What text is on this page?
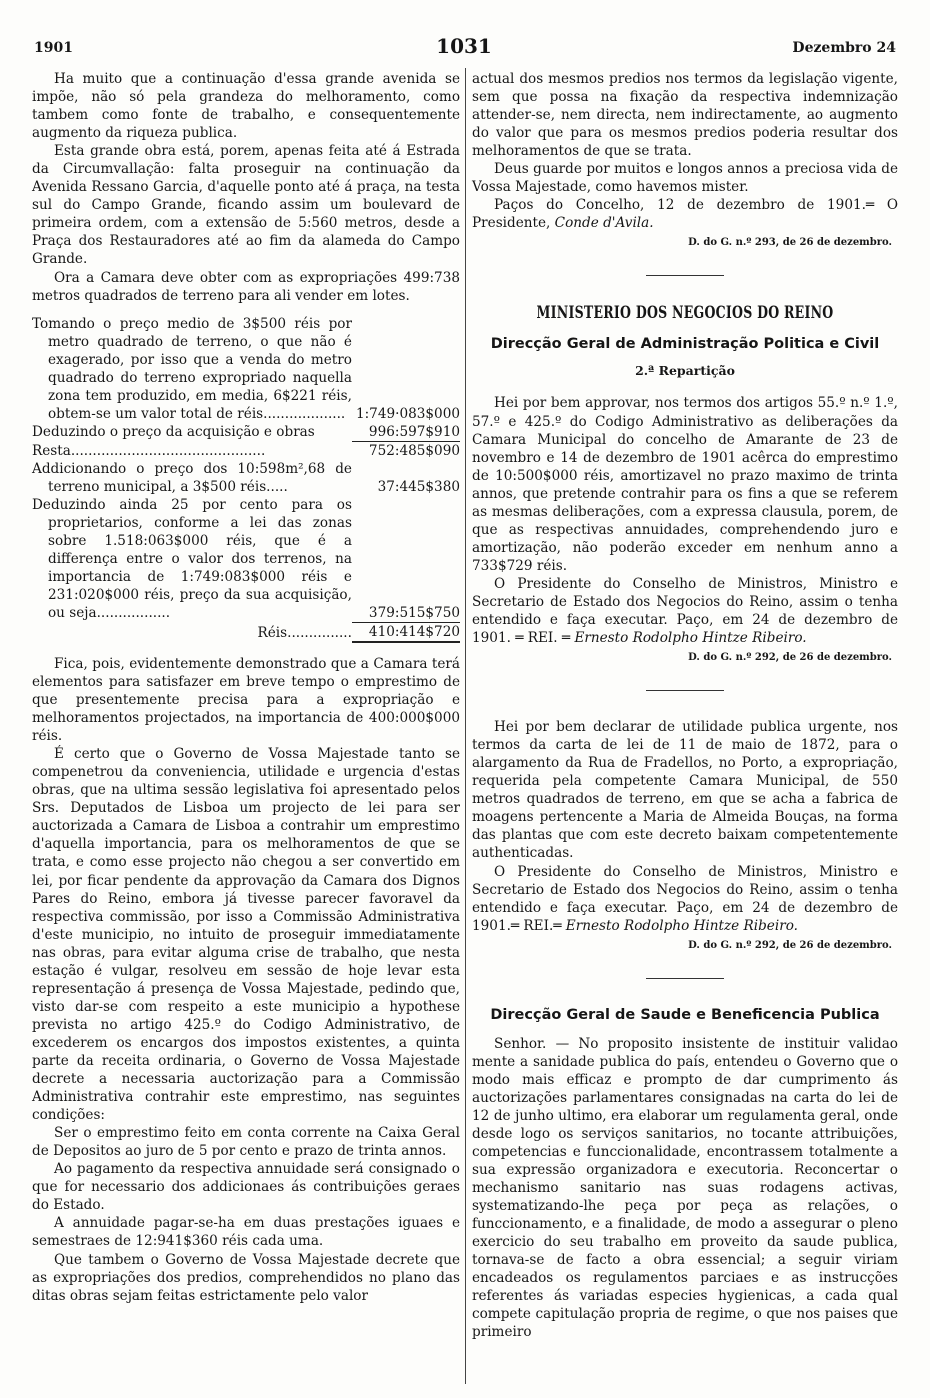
1901	1031	Dezembro 24

Ha muito que a continuação d'essa grande avenida se impõe, não só pela grandeza do melhoramento, como tambem como fonte de trabalho, e consequentemente augmento da riqueza publica.

Esta grande obra está, porem, apenas feita até á Estrada da Circumvallação: falta proseguir na continuação da Avenida Ressano Garcia, d'aquelle ponto até á praça, na testa sul do Campo Grande, ficando assim um boulevard de primeira ordem, com a extensão de 5:560 metros, desde a Praça dos Restauradores até ao fim da alameda do Campo Grande.

Ora a Camara deve obter com as expropriações 499:738 metros quadrados de terreno para ali vender em lotes.

Tomando o preço medio de 3$500 réis por metro quadrado de terreno, o que não é exagerado, por isso que a venda do metro quadrado do terreno expropriado naquella zona tem produzido, em media, 6$221 réis, obtem-se um valor total de réis...................	1:749·083$000
Deduzindo o preço da acquisição e obras	996:597$910
Resta.............................................	752:485$090
Addicionando o preço dos 10:598m²,68 de terreno municipal, a 3$500 réis.....	37:445$380
Deduzindo ainda 25 por cento para os proprietarios, conforme a lei das zonas sobre 1.518:063$000 réis, que é a differença entre o valor dos terrenos, na importancia de 1:749:083$000 réis e 231:020$000 réis, preço da sua acquisição, ou seja.................	379:515$750
Réis...............	410:414$720

Fica, pois, evidentemente demonstrado que a Camara terá elementos para satisfazer em breve tempo o emprestimo de que presentemente precisa para a expropriação e melhoramentos projectados, na importancia de 400:000$000 réis.

É certo que o Governo de Vossa Majestade tanto se compenetrou da conveniencia, utilidade e urgencia d'estas obras, que na ultima sessão legislativa foi apresentado pelos Srs. Deputados de Lisboa um projecto de lei para ser auctorizada a Camara de Lisboa a contrahir um emprestimo d'aquella importancia, para os melhoramentos de que se trata, e como esse projecto não chegou a ser convertido em lei, por ficar pendente da approvação da Camara dos Dignos Pares do Reino, embora já tivesse parecer favoravel da respectiva commissão, por isso a Commissão Administrativa d'este municipio, no intuito de proseguir immediatamente nas obras, para evitar alguma crise de trabalho, que nesta estação é vulgar, resolveu em sessão de hoje levar esta representação á presença de Vossa Majestade, pedindo que, visto dar-se com respeito a este municipio a hypothese prevista no artigo 425.º do Codigo Administrativo, de excederem os encargos dos impostos existentes, a quinta parte da receita ordinaria, o Governo de Vossa Majestade decrete a necessaria auctorização para a Commissão Administrativa contrahir este emprestimo, nas seguintes condições:

Ser o emprestimo feito em conta corrente na Caixa Geral de Depositos ao juro de 5 por cento e prazo de trinta annos.

Ao pagamento da respectiva annuidade será consignado o que for necessario dos addicionaes ás contribuições geraes do Estado.

A annuidade pagar-se-ha em duas prestações iguaes e semestraes de 12:941$360 réis cada uma.

Que tambem o Governo de Vossa Majestade decrete que as expropriações dos predios, comprehendidos no plano das ditas obras sejam feitas estrictamente pelo valor

actual dos mesmos predios nos termos da legislação vigente, sem que possa na fixação da respectiva indemnização attender-se, nem directa, nem indirectamente, ao augmento do valor que para os mesmos predios poderia resultar dos melhoramentos de que se trata.

Deus guarde por muitos e longos annos a preciosa vida de Vossa Majestade, como havemos mister.

Paços do Concelho, 12 de dezembro de 1901.═ O Presidente, Conde d'Avila.

D. do G. n.º 293, de 26 de dezembro.

MINISTERIO DOS NEGOCIOS DO REINO
Direcção Geral de Administração Politica e Civil
2.ª Repartição

Hei por bem approvar, nos termos dos artigos 55.º n.º 1.º, 57.º e 425.º do Codigo Administrativo as deliberações da Camara Municipal do concelho de Amarante de 23 de novembro e 14 de dezembro de 1901 acêrca do emprestimo de 10:500$000 réis, amortizavel no prazo maximo de trinta annos, que pretende contrahir para os fins a que se referem as mesmas deliberações, com a expressa clausula, porem, de que as respectivas annuidades, comprehendendo juro e amortização, não poderão exceder em nenhum anno a 733$729 réis.

O Presidente do Conselho de Ministros, Ministro e Secretario de Estado dos Negocios do Reino, assim o tenha entendido e faça executar. Paço, em 24 de dezembro de 1901. ═ REI. ═ Ernesto Rodolpho Hintze Ribeiro.

D. do G. n.º 292, de 26 de dezembro.

Hei por bem declarar de utilidade publica urgente, nos termos da carta de lei de 11 de maio de 1872, para o alargamento da Rua de Fradellos, no Porto, a expropriação, requerida pela competente Camara Municipal, de 550 metros quadrados de terreno, em que se acha a fabrica de moagens pertencente a Maria de Almeida Bouças, na forma das plantas que com este decreto baixam competentemente authenticadas.

O Presidente do Conselho de Ministros, Ministro e Secretario de Estado dos Negocios do Reino, assim o tenha entendido e faça executar. Paço, em 24 de dezembro de 1901.═ REI.═ Ernesto Rodolpho Hintze Ribeiro.

D. do G. n.º 292, de 26 de dezembro.

Direcção Geral de Saude e Beneficencia Publica

Senhor. — No proposito insistente de instituir validao mente a sanidade publica do país, entendeu o Governo que o modo mais efficaz e prompto de dar cumprimento ás auctorizações parlamentares consignadas na carta do lei de 12 de junho ultimo, era elaborar um regulamenta geral, onde desde logo os serviços sanitarios, no tocante attribuições, competencias e funccionalidade, encontrassem totalmente a sua expressão organizadora e executoria. Reconcertar o mechanismo sanitario nas suas rodagens activas, systematizando-lhe peça por peça as relações, o funccionamento, e a finalidade, de modo a assegurar o pleno exercicio do seu trabalho em proveito da saude publica, tornava-se de facto a obra essencial; a seguir viriam encadeados os regulamentos parciaes e as instrucções referentes ás variadas especies hygienicas, a cada qual compete capitulação propria de regime, o que nos paises que primeiro
